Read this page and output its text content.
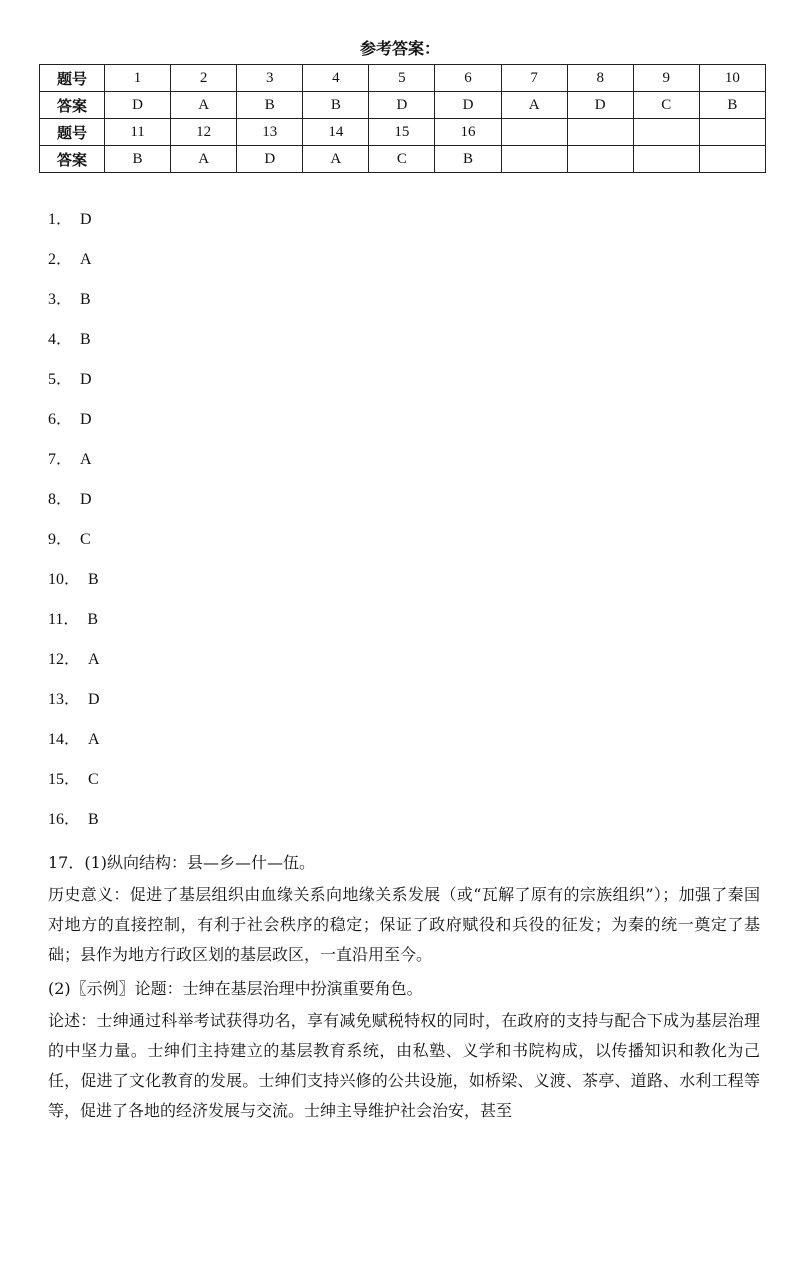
参考答案：
题号	1	2	3	4	5	6	7	8	9	10
答案	D	A	B	B	D	D	A	D	C	B
题号	11	12	13	14	15	16				
答案	B	A	D	A	C	B				
1． D
2． A
3． B
4． B
5． D
6． D
7． A
8． D
9． C
10． B
11． B
12． A
13． D
14． A
15． C
16． B

17．(1)纵向结构：县—乡—什—伍。

历史意义：促进了基层组织由血缘关系向地缘关系发展（或“瓦解了原有的宗族组织”）；加强了秦国对地方的直接控制，有利于社会秩序的稳定；保证了政府赋役和兵役的征发；为秦的统一奠定了基础；县作为地方行政区划的基层政区，一直沿用至今。

(2)〖示例〗论题：士绅在基层治理中扮演重要角色。

论述：士绅通过科举考试获得功名，享有减免赋税特权的同时，在政府的支持与配合下成为基层治理的中坚力量。士绅们主持建立的基层教育系统，由私塾、义学和书院构成，以传播知识和教化为己任，促进了文化教育的发展。士绅们支持兴修的公共设施，如桥梁、义渡、茶亭、道路、水利工程等等，促进了各地的经济发展与交流。士绅主导维护社会治安，甚至
